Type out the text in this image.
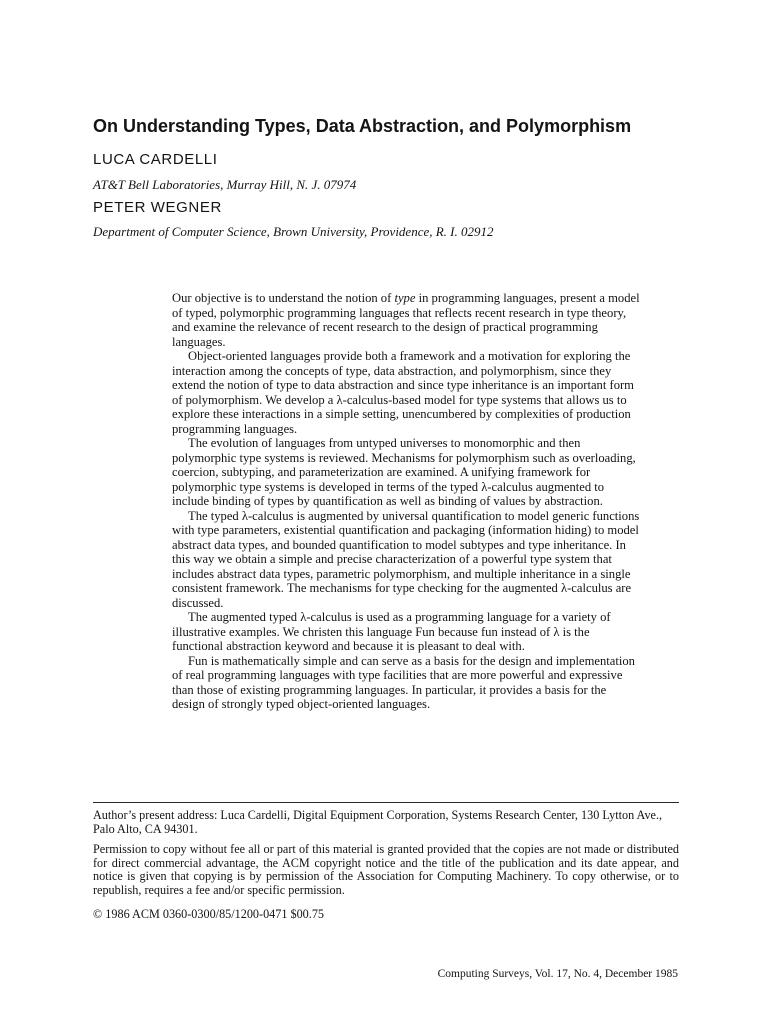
On Understanding Types, Data Abstraction, and Polymorphism
LUCA CARDELLI
AT&T Bell Laboratories, Murray Hill, N. J. 07974
PETER WEGNER
Department of Computer Science, Brown University, Providence, R. I. 02912

Our objective is to understand the notion of type in programming languages, present a model of typed, polymorphic programming languages that reflects recent research in type theory, and examine the relevance of recent research to the design of practical programming languages.

Object-oriented languages provide both a framework and a motivation for exploring the interaction among the concepts of type, data abstraction, and polymorphism, since they extend the notion of type to data abstraction and since type inheritance is an important form of polymorphism. We develop a λ-calculus-based model for type systems that allows us to explore these interactions in a simple setting, unencumbered by complexities of production programming languages.

The evolution of languages from untyped universes to monomorphic and then polymorphic type systems is reviewed. Mechanisms for polymorphism such as overloading, coercion, subtyping, and parameterization are examined. A unifying framework for polymorphic type systems is developed in terms of the typed λ-calculus augmented to include binding of types by quantification as well as binding of values by abstraction.

The typed λ-calculus is augmented by universal quantification to model generic functions with type parameters, existential quantification and packaging (information hiding) to model abstract data types, and bounded quantification to model subtypes and type inheritance. In this way we obtain a simple and precise characterization of a powerful type system that includes abstract data types, parametric polymorphism, and multiple inheritance in a single consistent framework. The mechanisms for type checking for the augmented λ-calculus are discussed.

The augmented typed λ-calculus is used as a programming language for a variety of illustrative examples. We christen this language Fun because fun instead of λ is the functional abstraction keyword and because it is pleasant to deal with.

Fun is mathematically simple and can serve as a basis for the design and implementation of real programming languages with type facilities that are more powerful and expressive than those of existing programming languages. In particular, it provides a basis for the design of strongly typed object-oriented languages.

Author’s present address: Luca Cardelli, Digital Equipment Corporation, Systems Research Center, 130 Lytton Ave., Palo Alto, CA 94301.
Permission to copy without fee all or part of this material is granted provided that the copies are not made or distributed for direct commercial advantage, the ACM copyright notice and the title of the publication and its date appear, and notice is given that copying is by permission of the Association for Computing Machinery. To copy otherwise, or to republish, requires a fee and/or specific permission.
© 1986 ACM 0360-0300/85/1200-0471 $00.75
Computing Surveys, Vol. 17, No. 4, December 1985
